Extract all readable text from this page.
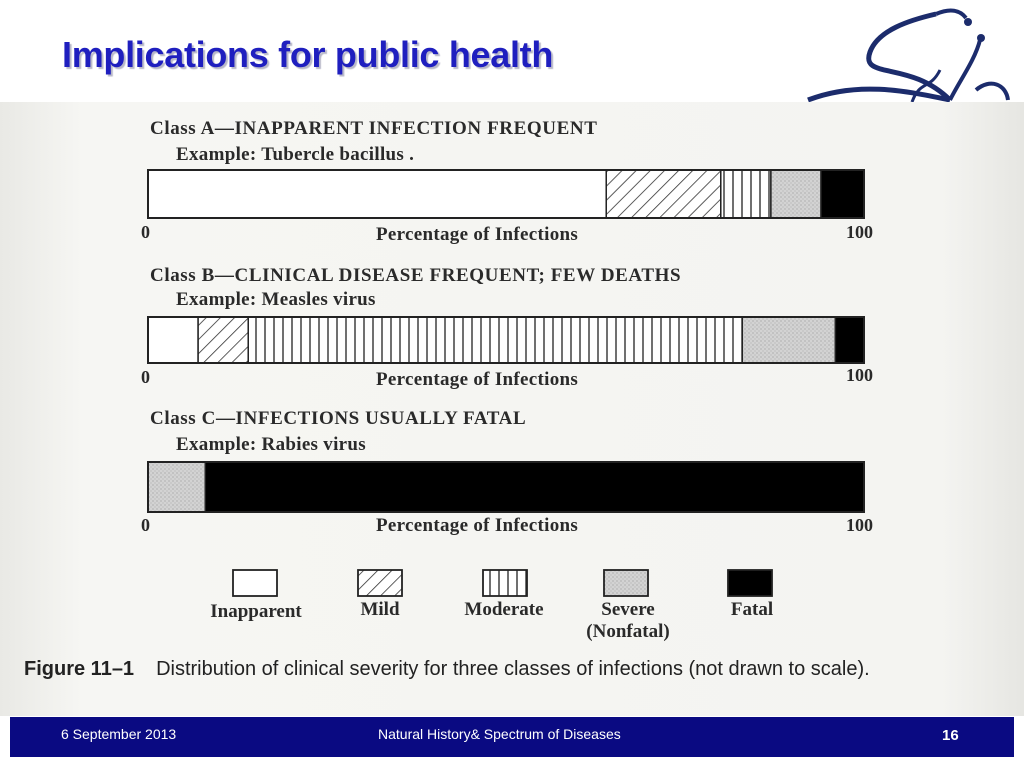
Implications for public health
Class A—INAPPARENT INFECTION FREQUENT
Example: Tubercle bacillus .
0	Percentage of Infections	100
Class B—CLINICAL DISEASE FREQUENT; FEW DEATHS
Example: Measles virus
0	Percentage of Infections	100
Class C—INFECTIONS USUALLY FATAL
Example: Rabies virus
0	Percentage of Infections	100
Inapparent	Mild	Moderate	Severe
(Nonfatal)
Fatal
Figure 11–1 Distribution of clinical severity for three classes of infections (not drawn to scale).
6 September 2013	Natural History& Spectrum of Diseases	16
